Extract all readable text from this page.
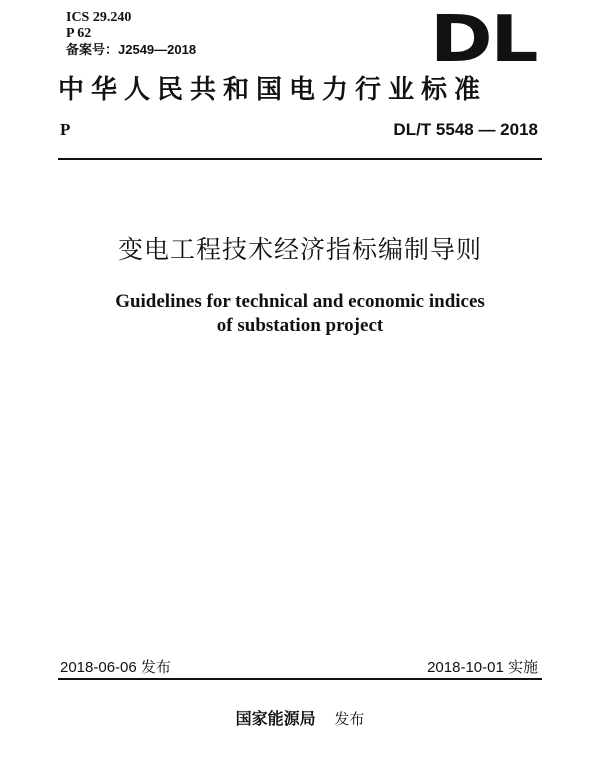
ICS 29.240
P 62
备案号：J2549—2018	DL
中华人民共和国电力行业标准
P	DL/T 5548 — 2018
变电工程技术经济指标编制导则
Guidelines for technical and economic indices
of substation project
2018-06-06 发布	2018-10-01 实施
国家能源局 发布
